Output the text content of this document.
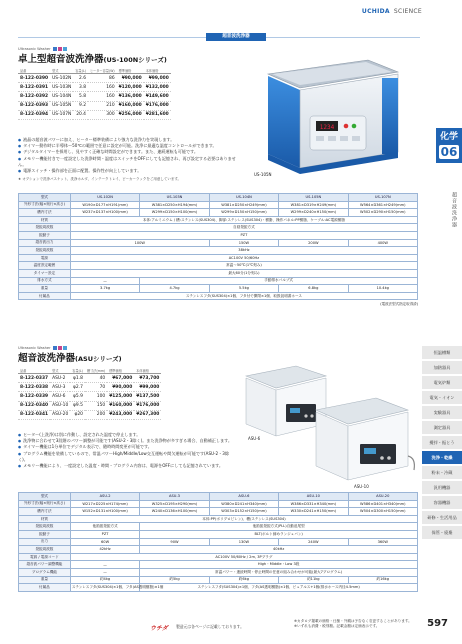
UCHIDA SCIENCE
超音波洗浄器
化学
06
超音波洗浄器
恒温槽類
加熱器具
電気炉類
電気・イオン
実験器具
測定器具
攪拌・振とう
洗浄・乾燥
粉末・冷蔵
汎用機器
容器機器
研修・生活用品
保管・廃棄
Ultrasonic Washer
卓上型超音波洗浄器(US-100Nシリーズ)
品番	型式	容量(L)	ヒーター容量(W)	標準価格	本体価格
8-122-0390	US-102N	2.6	86	¥90,000	¥99,000
8-122-0391	US-103N	3.8	160	¥120,000	¥132,000
8-122-0392	US-104N	5.8	160	¥136,000	¥149,600
8-122-0393	US-105N	9.2	210	¥160,000	¥176,000
8-122-0394	US-107N	20.4	300	¥256,000	¥281,600
● 液晶の超音波パワーに加え、ヒーター標準装備により強力な洗浄力を実現します。
● タイマー動作時に半導体～50℃の範囲で任意に設定が可能。洗浄に最適な温度コントロールができます。
● デジタルタイマーを採用し、見やすく正確な時間設定ができます。また、連続運転も可能です。
● メモリー機能付きで一度設定した洗浄時間・温度はスイッチをOFFにしても記憶され、再び設定する必要はありません。
● 電源スイッチ・操作部を正面に配置。操作性が向上しています。
★ オプションで洗浄バスケット、洗浄ホルダ、インテークトレイ、ビーカーラックをご用意しています。
1234
US-105N
型式	US-102N	US-103N	US-104N	US-105N	US-107N
外形寸法(幅×奥行×高さ)	W190×D177×H191(mm)	W381×D250×H194(mm)	W381×D250×H249(mm)	W381×D319×H249(mm)	W564×D361×H249(mm)
槽内寸法	W237×D137×H100(mm)	W299×D150×H100(mm)	W299×D150×H150(mm)	W299×D240×H150(mm)	W502×D290×H150(mm)
材質	本体:アルミニウム / 槽:ステンレス(SUS304)、脚部:ステンレス(SUS304)・樹脂、操作パネル:PP樹脂、ケーブル:AC電源樹脂				
発振周波数	自励発振方式				
振動子	PZT				
超音波出力	100W		150W	200W	400W
発振周波数	38kHz				
電源	AC100V 50/60Hz				
温度設定範囲	常温～50℃(1℃刻み)				
タイマー設定	最大60分(1分刻み)				
排水方式	—	手動排水バルブ式			
重量	3.7kg	4.7kg	5.5kg	6.8kg	10.4kg
付属品	ステンレスフタ(SUS304)×1個、フタ付で開閉×1個、取扱説明書ホース				
(電波法型式指定取得済)
Ultrasonic Washer
超音波洗浄器(ASUシリーズ)
品番	型式	容量(L)	槽寸法(mm)	標準価格	本体価格
8-122-0337	ASU-2	φ1.8	40	¥67,000	¥73,700
8-122-0338	ASU-3	φ2.7	70	¥90,000	¥99,000
8-122-0339	ASU-6	φ5.9	100	¥125,000	¥137,500
8-122-0340	ASU-10	φ9.5	150	¥160,000	¥176,000
8-122-0341	ASU-20	φ20	200	¥243,000	¥267,300
● ヒーター(上洗浄)は別に作動し、設定された温度で停止します。
● 洗浄物に合わせて3段階のパワー調整が可能です(ASU-2・3除く)。また洗浄物が多すぎる場合、自動補正します。
● タイマー機能は1分単位でデジタル表示で、随時時間変更が可能です。
● プログラム機能を装備しているので、常温パワーHigh/Middle/Low交互運転や間欠運転が可能です(ASU-2・3除く)。
● メモリー機能により、一度設定した温度・時間・プログラム内容は、電源をOFFにしても記憶されています。
ASU-6
ASU-10
型式	ASU-2	ASU-3	ASU-6	ASU-10	ASU-20
外形寸法(幅×奥行×高さ)	W217×D225×H174(mm)	W325×D195×H290(mm)	W380×D241×H340(mm)	W386×D331×H340(mm)	W586×D401×H340(mm)
槽内寸法	W152×D131×H100(mm)	W240×D136×H100(mm)	W303×D152×H150(mm)	W330×D241×H150(mm)	W504×D300×H150(mm)
材質	本体:PP(ポリプロピレン)、槽/ステンレス(SUS304)				
発振周波数	他励振発振方式	他励振発振方式(PLL)自動追尾型			
振動子	PZT	BLT(ボルト締めランジュバン)			
出力	60W	90W	130W	240W	360W
発振周波数	42kHz	40kHz			
電源 / 電源コード	AC100V 50/60Hz / 2m, 3Pプラグ				
超音波パワー調整機能	—	High・Middle・Low 3段			
プログラム機能	—	常温パワー・連続時間・停止時間の任意の組み合わせが可能(最大7プログラム)			
重量	約4kg	約5kg	約6kg	約11kg	約16kg
付属品	ステンレスフタ(SUS304)×1個、フタ(AS透明樹脂)×1個	ステンレスフタ(SUS304)×1個、フタ(AS透明樹脂)×1個、ビュアルス+1個(排水ホース内径4.5mm)			
ウチダ 製造元は各ページに記載しております。
※カタログ掲載の価格・仕様・外観は予告なく変更することがあります。
※いずれも消費・税別額。記載金額は定価表示です。	597
